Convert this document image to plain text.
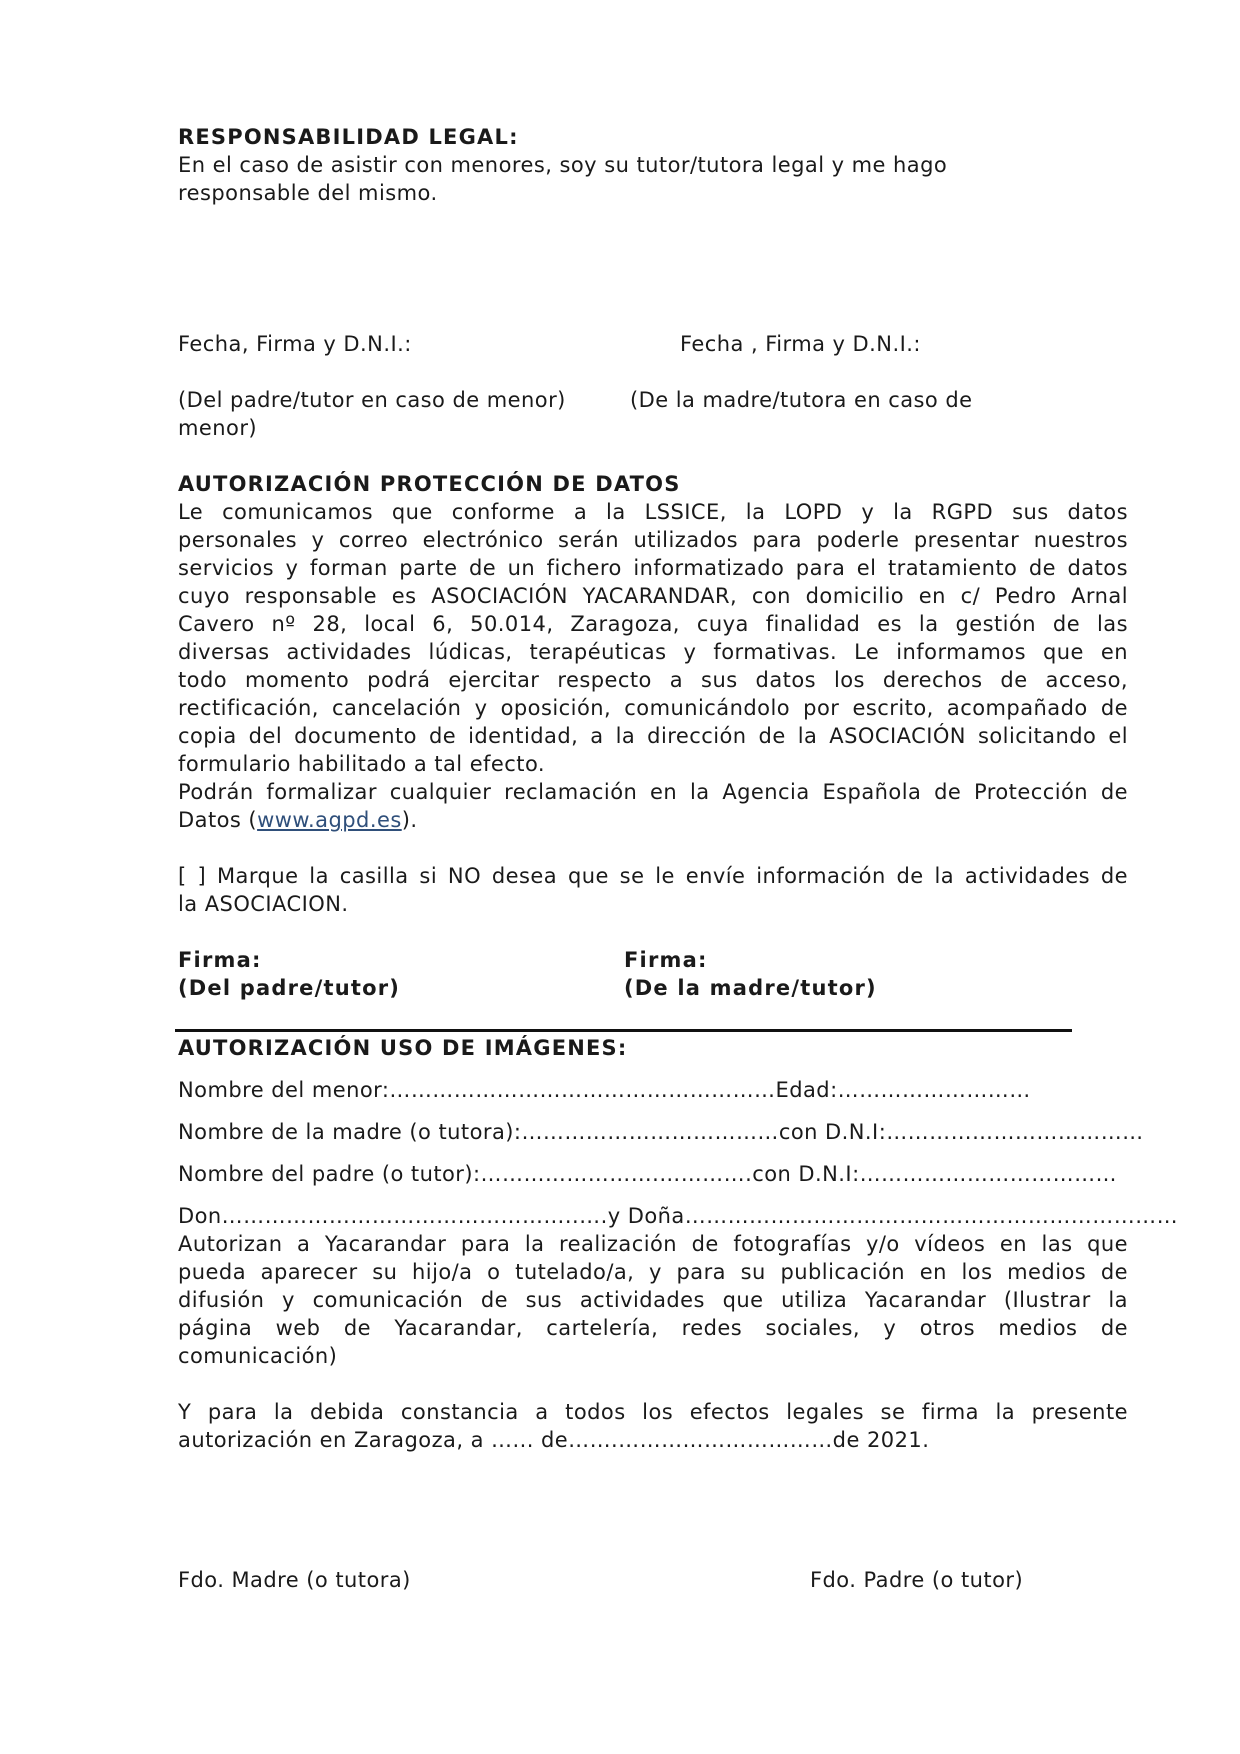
RESPONSABILIDAD LEGAL:
En el caso de asistir con menores, soy su tutor/tutora legal y me hago
responsable del mismo.
Fecha, Firma y D.N.I.:	Fecha , Firma y D.N.I.:
(Del padre/tutor en caso de menor)	(De la madre/tutora en caso de
menor)
AUTORIZACIÓN PROTECCIÓN DE DATOS
Le comunicamos que conforme a la LSSICE, la LOPD y la RGPD sus datos
personales y correo electrónico serán utilizados para poderle presentar nuestros
servicios y forman parte de un fichero informatizado para el tratamiento de datos
cuyo responsable es ASOCIACIÓN YACARANDAR, con domicilio en c/ Pedro Arnal
Cavero nº 28, local 6, 50.014, Zaragoza, cuya finalidad es la gestión de las
diversas actividades lúdicas, terapéuticas y formativas. Le informamos que en
todo momento podrá ejercitar respecto a sus datos los derechos de acceso,
rectificación, cancelación y oposición, comunicándolo por escrito, acompañado de
copia del documento de identidad, a la dirección de la ASOCIACIÓN solicitando el
formulario habilitado a tal efecto.
Podrán formalizar cualquier reclamación en la Agencia Española de Protección de
Datos (www.agpd.es).
[ ] Marque la casilla si NO desea que se le envíe información de la actividades de
la ASOCIACION.
Firma:
(Del padre/tutor)
Firma:
(De la madre/tutor)
AUTORIZACIÓN USO DE IMÁGENES:
Nombre del menor:………………………………………………Edad:………………………
Nombre de la madre (o tutora):………………………………con D.N.I:………………………………
Nombre del padre (o tutor):…………………….………….con D.N.I:………………………………
Don…………………………………………..….y Doña……………………………………………………………
Autorizan a Yacarandar para la realización de fotografías y/o vídeos en las que
pueda aparecer su hijo/a o tutelado/a, y para su publicación en los medios de
difusión y comunicación de sus actividades que utiliza Yacarandar (Ilustrar la
página web de Yacarandar, cartelería, redes sociales, y otros medios de
comunicación)
Y para la debida constancia a todos los efectos legales se firma la presente
autorización en Zaragoza, a …... de…….…………………………de 2021.
Fdo. Madre (o tutora)	Fdo. Padre (o tutor)
